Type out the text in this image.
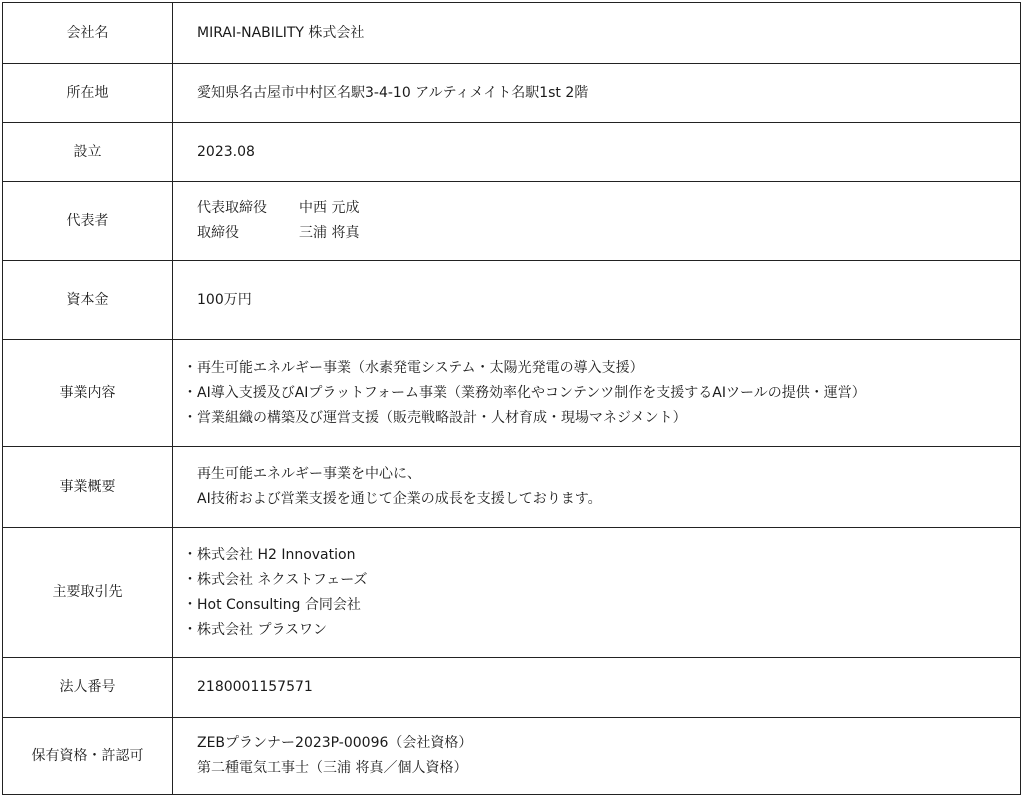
会社名	MIRAI-NABILITY 株式会社

所在地	愛知県名古屋市中村区名駅3-4-10 アルティメイト名駅1st 2階

設立	2023.08

代表者	代表取締役 中西 元成
取締役 三浦 将真

資本金	100万円

事業内容	・再生可能エネルギー事業（水素発電システム・太陽光発電の導入支援）
・AI導入支援及びAIプラットフォーム事業（業務効率化やコンテンツ制作を支援するAIツールの提供・運営）
・営業組織の構築及び運営支援（販売戦略設計・人材育成・現場マネジメント）

事業概要	再生可能エネルギー事業を中心に、
AI技術および営業支援を通じて企業の成長を支援しております。

主要取引先	・株式会社 H2 Innovation
・株式会社 ネクストフェーズ
・Hot Consulting 合同会社
・株式会社 プラスワン

法人番号	2180001157571

保有資格・許認可	ZEBプランナー2023P-00096（会社資格）
第二種電気工事士（三浦 将真／個人資格）
